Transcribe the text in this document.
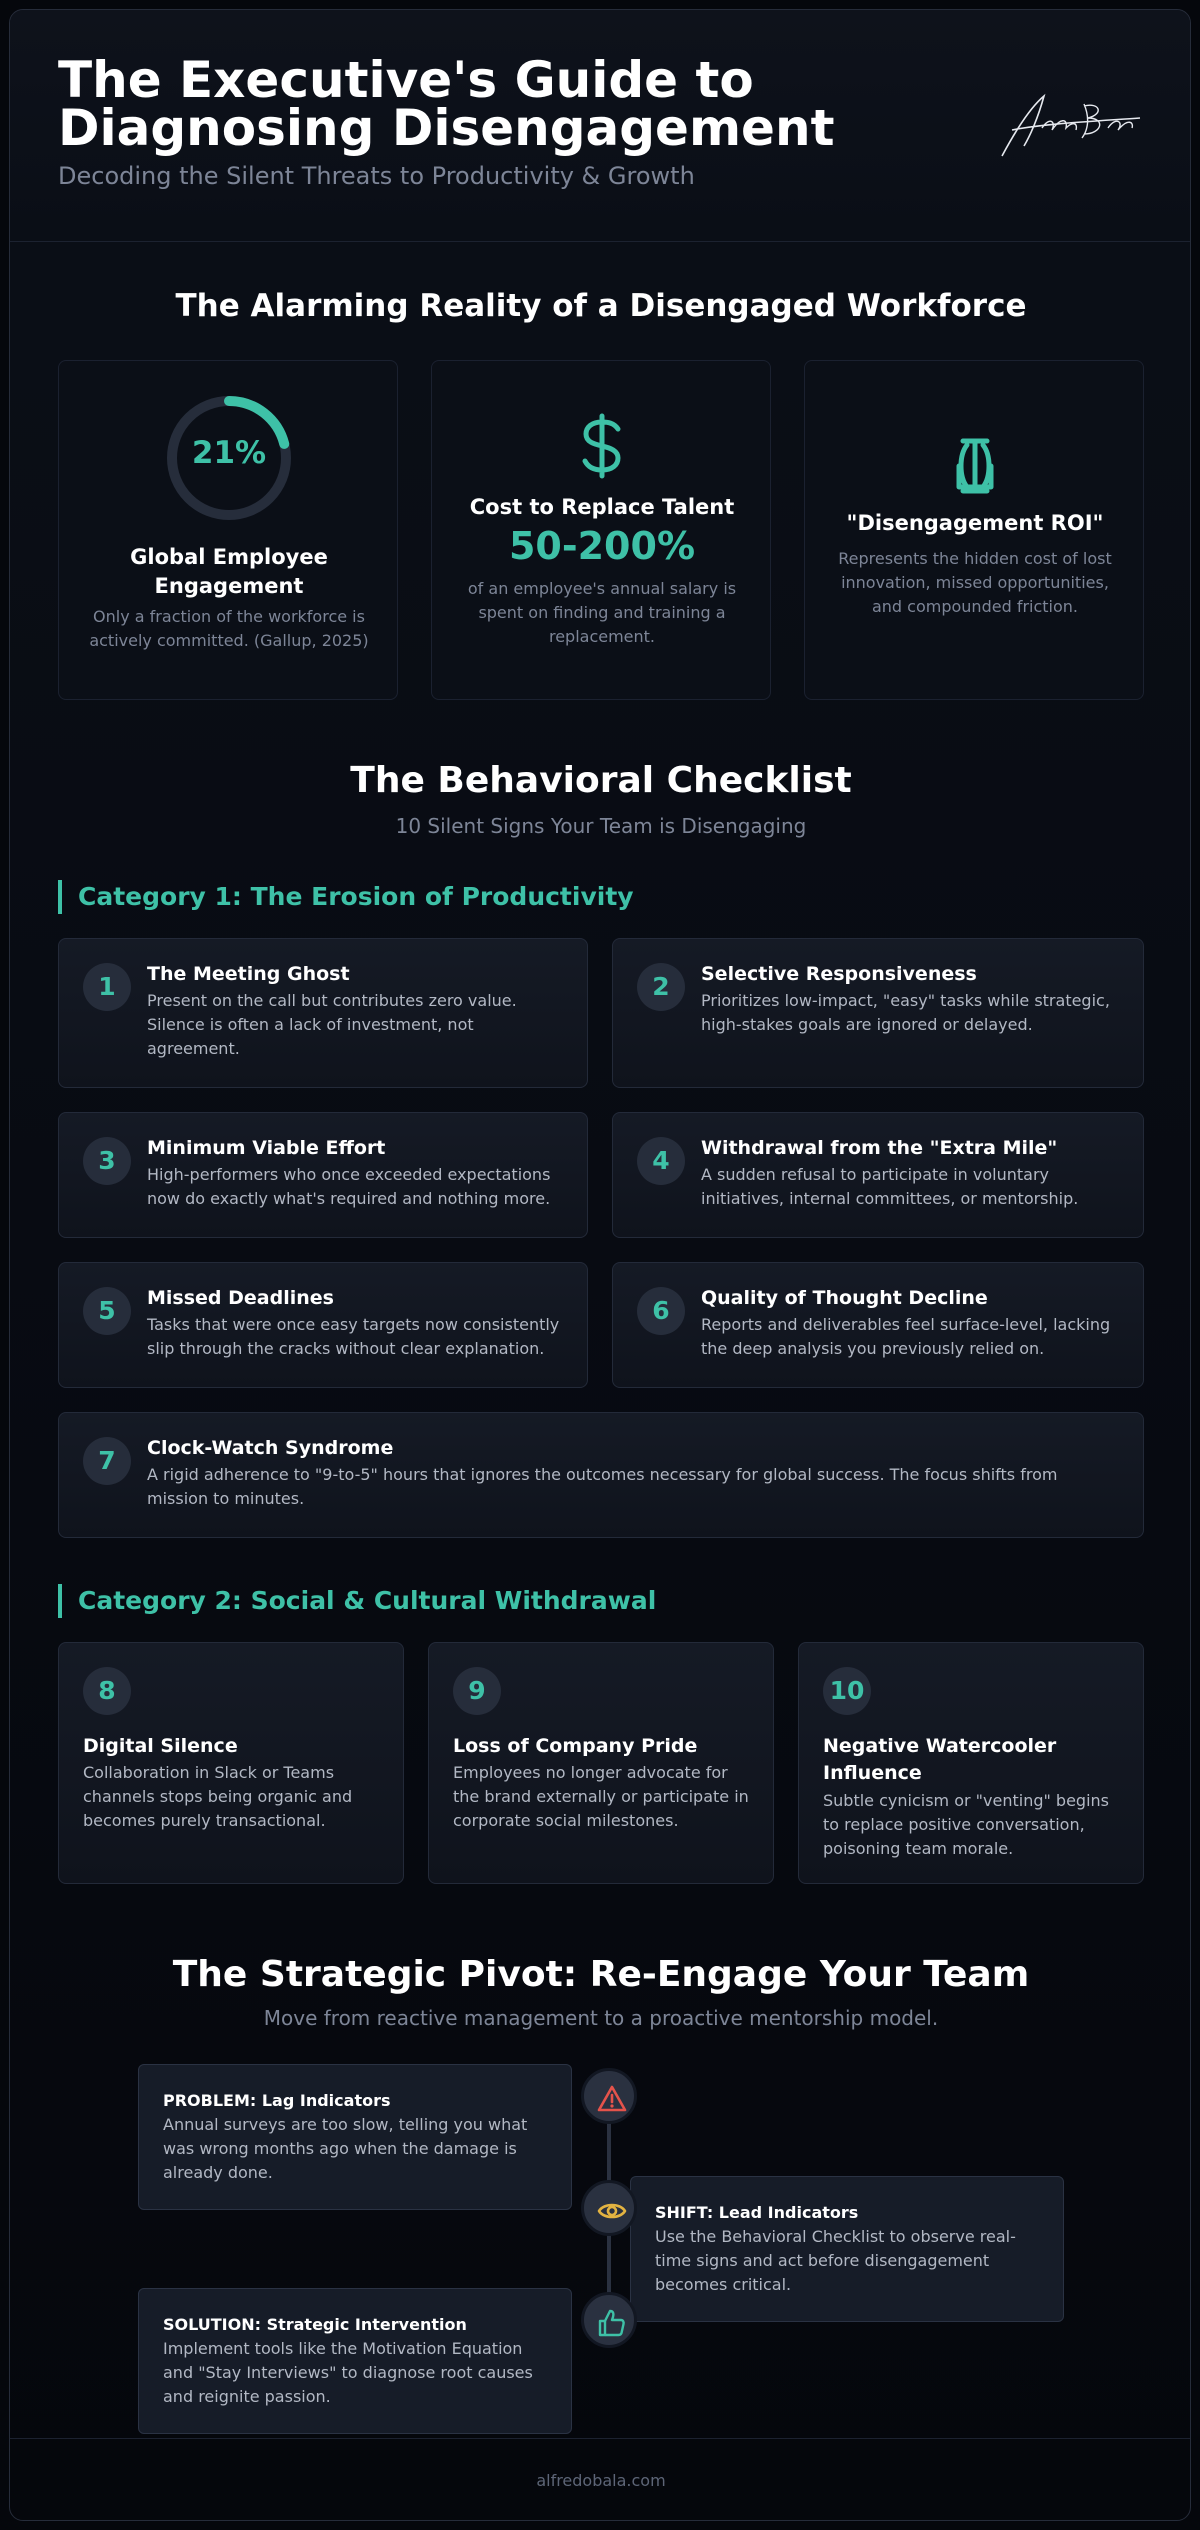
The Executive's Guide to Diagnosing Disengagement
Decoding the Silent Threats to Productivity & Growth
The Alarming Reality of a Disengaged Workforce
21%
Global Employee Engagement
Only a fraction of the workforce is actively committed. (Gallup, 2025)
Cost to Replace Talent
50-200%
of an employee's annual salary is spent on finding and training a replacement.
"Disengagement ROI"
Represents the hidden cost of lost innovation, missed opportunities, and compounded friction.
The Behavioral Checklist
10 Silent Signs Your Team is Disengaging
Category 1: The Erosion of Productivity
1	The Meeting Ghost
Present on the call but contributes zero value. Silence is often a lack of investment, not agreement.
2	Selective Responsiveness
Prioritizes low-impact, "easy" tasks while strategic, high-stakes goals are ignored or delayed.
3	Minimum Viable Effort
High-performers who once exceeded expectations now do exactly what's required and nothing more.
4	Withdrawal from the "Extra Mile"
A sudden refusal to participate in voluntary initiatives, internal committees, or mentorship.
5	Missed Deadlines
Tasks that were once easy targets now consistently slip through the cracks without clear explanation.
6	Quality of Thought Decline
Reports and deliverables feel surface-level, lacking the deep analysis you previously relied on.
7	Clock-Watch Syndrome
A rigid adherence to "9-to-5" hours that ignores the outcomes necessary for global success. The focus shifts from mission to minutes.
Category 2: Social & Cultural Withdrawal
8
Digital Silence
Collaboration in Slack or Teams channels stops being organic and becomes purely transactional.
9
Loss of Company Pride
Employees no longer advocate for the brand externally or participate in corporate social milestones.
10
Negative Watercooler Influence
Subtle cynicism or "venting" begins to replace positive conversation, poisoning team morale.
The Strategic Pivot: Re-Engage Your Team
Move from reactive management to a proactive mentorship model.
PROBLEM: Lag Indicators
Annual surveys are too slow, telling you what was wrong months ago when the damage is already done.
SHIFT: Lead Indicators
Use the Behavioral Checklist to observe real-time signs and act before disengagement becomes critical.
SOLUTION: Strategic Intervention
Implement tools like the Motivation Equation and "Stay Interviews" to diagnose root causes and reignite passion.
alfredobala.com
